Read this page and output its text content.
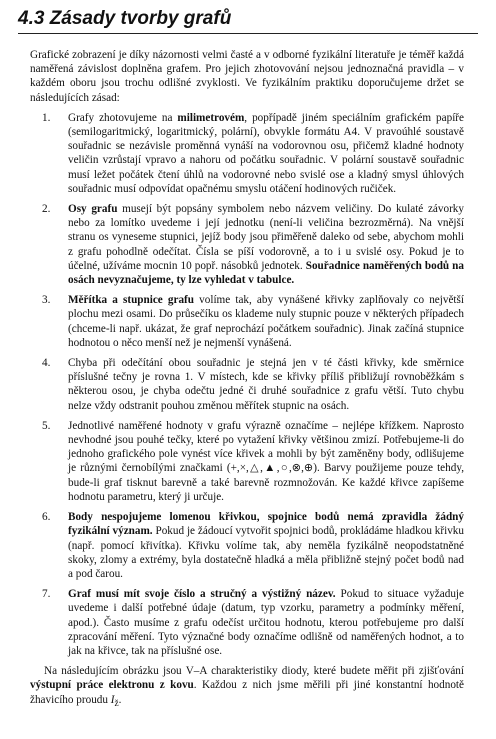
4.3 Zásady tvorby grafů

Grafické zobrazení je díky názornosti velmi časté a v odborné fyzikální literatuře je téměř každá naměřená závislost doplněna grafem. Pro jejich zhotovování nejsou jednoznačná pravidla – v každém oboru jsou trochu odlišné zvyklosti. Ve fyzikálním praktiku doporučujeme držet se následujících zásad:

1.	Grafy zhotovujeme na milimetrovém, popřípadě jiném speciálním grafickém papíře (semilogaritmický, logaritmický, polární), obvykle formátu A4. V pravoúhlé soustavě souřadnic se nezávisle proměnná vynáší na vodorovnou osu, přičemž kladné hodnoty veličin vzrůstají vpravo a nahoru od počátku souřadnic. V polární soustavě souřadnic musí ležet počátek čtení úhlů na vodorovné nebo svislé ose a kladný smysl úhlových souřadnic musí odpovídat opačnému smyslu otáčení hodinových ručiček.
2.	Osy grafu musejí být popsány symbolem nebo názvem veličiny. Do kulaté závorky nebo za lomítko uvedeme i její jednotku (není-li veličina bezrozměrná). Na vnější stranu os vyneseme stupnici, jejíž body jsou přiměřeně daleko od sebe, abychom mohli z grafu pohodlně odečítat. Čísla se píší vodorovně, a to i u svislé osy. Pokud je to účelné, užíváme mocnin 10 popř. násobků jednotek. Souřadnice naměřených bodů na osách nevyznačujeme, ty lze vyhledat v tabulce.
3.	Měřítka a stupnice grafu volíme tak, aby vynášené křivky zaplňovaly co největší plochu mezi osami. Do průsečíku os klademe nuly stupnic pouze v některých případech (chceme-li např. ukázat, že graf neprochází počátkem souřadnic). Jinak začíná stupnice hodnotou o něco menší než je nejmenší vynášená.
4.	Chyba při odečítání obou souřadnic je stejná jen v té části křivky, kde směrnice příslušné tečny je rovna 1. V místech, kde se křivky příliš přibližují rovnoběžkám s některou osou, je chyba odečtu jedné či druhé souřadnice z grafu větší. Tuto chybu nelze vždy odstranit pouhou změnou měřítek stupnic na osách.
5.	Jednotlivé naměřené hodnoty v grafu výrazně označíme – nejlépe křížkem. Naprosto nevhodné jsou pouhé tečky, které po vytažení křivky většinou zmizí. Potřebujeme-li do jednoho grafického pole vynést více křivek a mohli by být zaměněny body, odlišujeme je různými černobílými značkami (+,×,△,▲,○,⊗,⊕). Barvy použijeme pouze tehdy, bude-li graf tisknut barevně a také barevně rozmnožován. Ke každé křivce zapíšeme hodnotu parametru, který ji určuje.
6.	Body nespojujeme lomenou křivkou, spojnice bodů nemá zpravidla žádný fyzikální význam. Pokud je žádoucí vytvořit spojnici bodů, prokládáme hladkou křivku (např. pomocí křivítka). Křivku volíme tak, aby neměla fyzikálně neopodstatněné skoky, zlomy a extrémy, byla dostatečně hladká a měla přibližně stejný počet bodů nad a pod čarou.
7.	Graf musí mít svoje číslo a stručný a výstižný název. Pokud to situace vyžaduje uvedeme i další potřebné údaje (datum, typ vzorku, parametry a podmínky měření, apod.). Často musíme z grafu odečíst určitou hodnotu, kterou potřebujeme pro další zpracování měření. Tyto význačné body označíme odlišně od naměřených hodnot, a to jak na křivce, tak na příslušné ose.

Na následujícím obrázku jsou V–A charakteristiky diody, které budete měřit při zjišťování výstupní práce elektronu z kovu. Každou z nich jsme měřili při jiné konstantní hodnotě žhavicího proudu $I_ž$.
